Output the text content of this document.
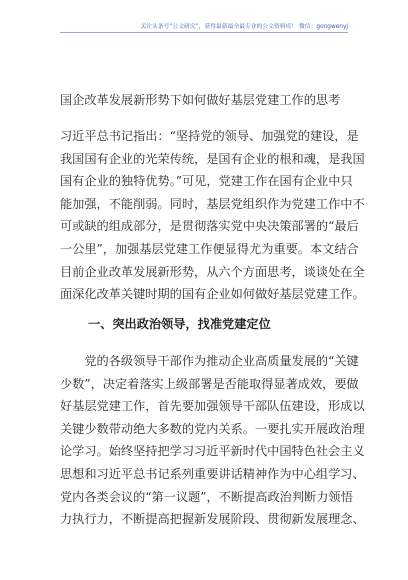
关注头条号“公文研究”，获得最新最全最专业的公文资料库！ 微信：gongwenyj
国企改革发展新形势下如何做好基层党建工作的思考
习近平总书记指出：“坚持党的领导、加强党的建设，是
我国国有企业的光荣传统，是国有企业的根和魂，是我国
国有企业的独特优势。”可见，党建工作在国有企业中只
能加强，不能削弱。同时，基层党组织作为党建工作中不
可或缺的组成部分，是贯彻落实党中央决策部署的“最后
一公里”，加强基层党建工作便显得尤为重要。本文结合
目前企业改革发展新形势，从六个方面思考，谈谈处在全
面深化改革关键时期的国有企业如何做好基层党建工作。
一、突出政治领导，找准党建定位
　　党的各级领导干部作为推动企业高质量发展的“关键
少数”，决定着落实上级部署是否能取得显著成效，要做
好基层党建工作，首先要加强领导干部队伍建设，形成以
关键少数带动绝大多数的党内关系。一要扎实开展政治理
论学习。始终坚持把学习习近平新时代中国特色社会主义
思想和习近平总书记系列重要讲话精神作为中心组学习、
党内各类会议的“第一议题”，不断提高政治判断力领悟
力执行力，不断提高把握新发展阶段、贯彻新发展理念、
